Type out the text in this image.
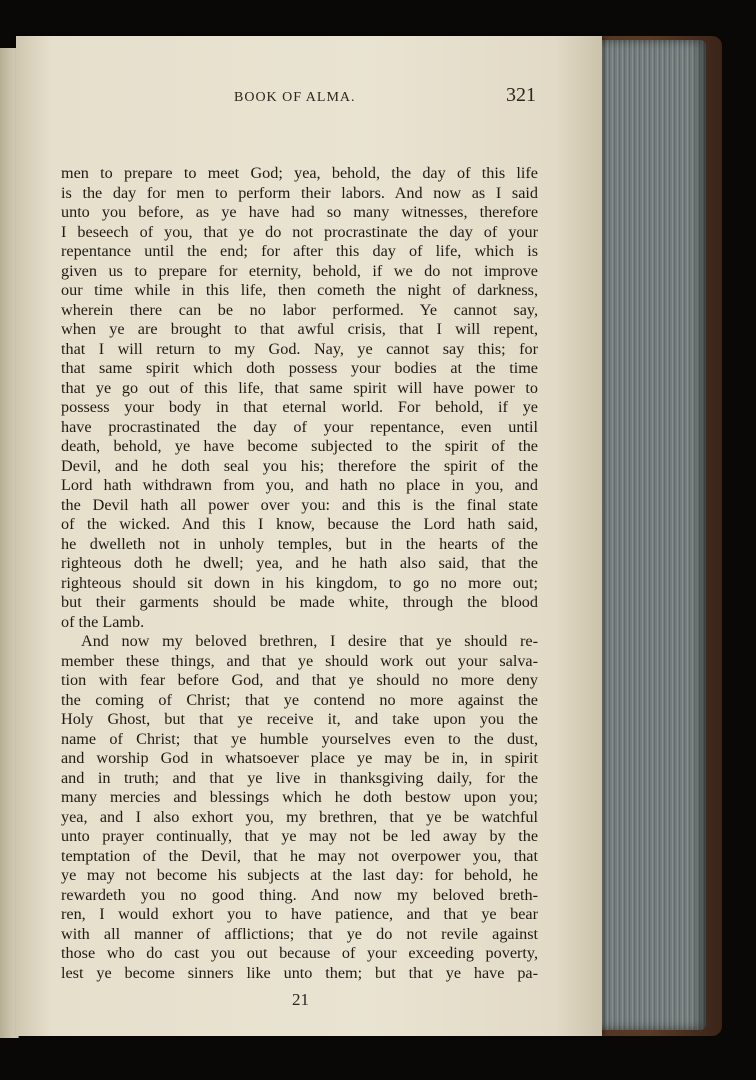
BOOK OF ALMA.	321
men to prepare to meet God; yea, behold, the day of this life
is the day for men to perform their labors. And now as I said
unto you before, as ye have had so many witnesses, therefore
I beseech of you, that ye do not procrastinate the day of your
repentance until the end; for after this day of life, which is
given us to prepare for eternity, behold, if we do not improve
our time while in this life, then cometh the night of darkness,
wherein there can be no labor performed. Ye cannot say,
when ye are brought to that awful crisis, that I will repent,
that I will return to my God. Nay, ye cannot say this; for
that same spirit which doth possess your bodies at the time
that ye go out of this life, that same spirit will have power to
possess your body in that eternal world. For behold, if ye
have procrastinated the day of your repentance, even until
death, behold, ye have become subjected to the spirit of the
Devil, and he doth seal you his; therefore the spirit of the
Lord hath withdrawn from you, and hath no place in you, and
the Devil hath all power over you: and this is the final state
of the wicked. And this I know, because the Lord hath said,
he dwelleth not in unholy temples, but in the hearts of the
righteous doth he dwell; yea, and he hath also said, that the
righteous should sit down in his kingdom, to go no more out;
but their garments should be made white, through the blood
of the Lamb.
And now my beloved brethren, I desire that ye should re-
member these things, and that ye should work out your salva-
tion with fear before God, and that ye should no more deny
the coming of Christ; that ye contend no more against the
Holy Ghost, but that ye receive it, and take upon you the
name of Christ; that ye humble yourselves even to the dust,
and worship God in whatsoever place ye may be in, in spirit
and in truth; and that ye live in thanksgiving daily, for the
many mercies and blessings which he doth bestow upon you;
yea, and I also exhort you, my brethren, that ye be watchful
unto prayer continually, that ye may not be led away by the
temptation of the Devil, that he may not overpower you, that
ye may not become his subjects at the last day: for behold, he
rewardeth you no good thing. And now my beloved breth-
ren, I would exhort you to have patience, and that ye bear
with all manner of afflictions; that ye do not revile against
those who do cast you out because of your exceeding poverty,
lest ye become sinners like unto them; but that ye have pa-
21
